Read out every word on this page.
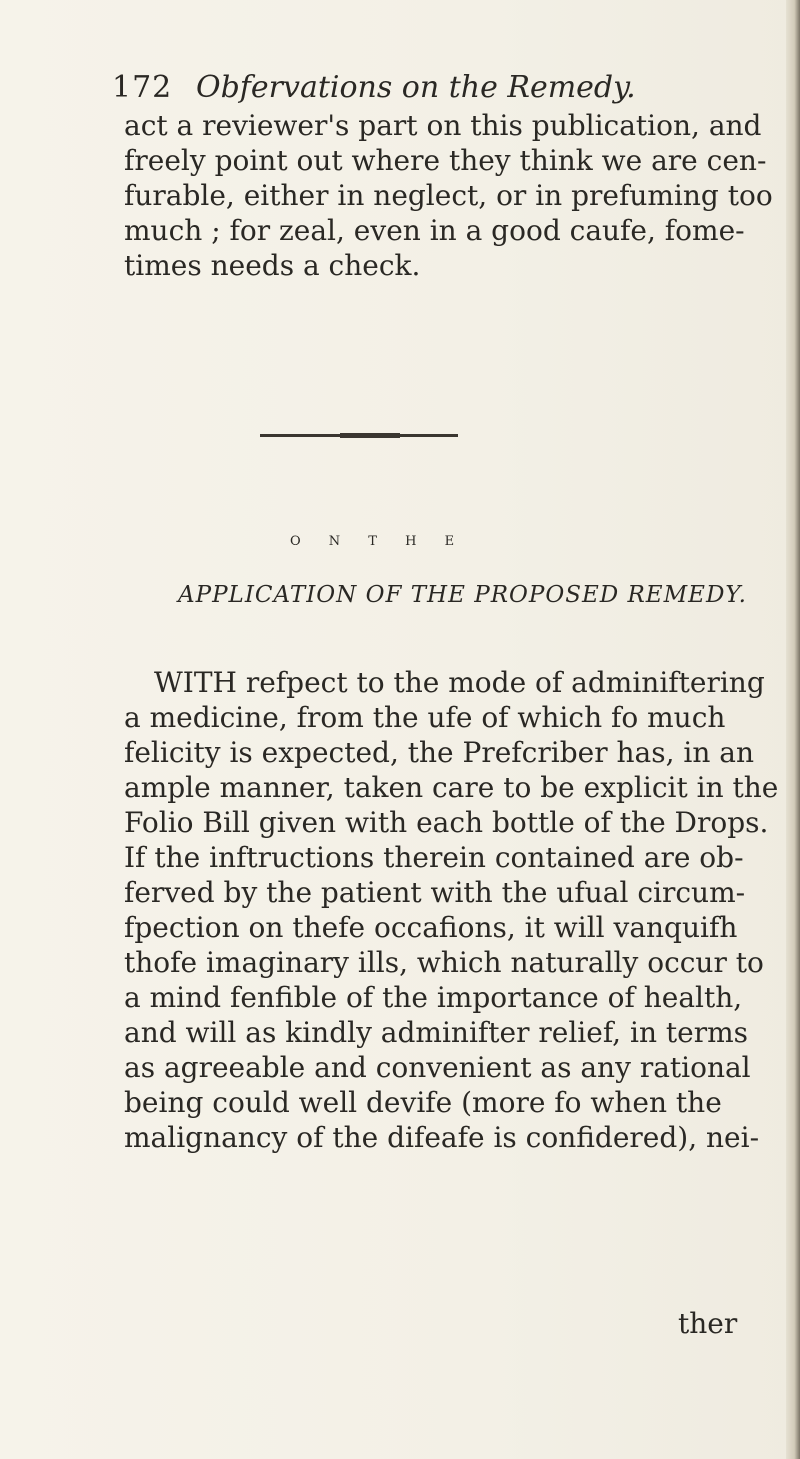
172 Obfervations on the Remedy.
act a reviewer's part on this publication, and
freely point out where they think we are cen-
furable, either in neglect, or in prefuming too
much ; for zeal, even in a good caufe, fome-
times needs a check.
O N T H E
APPLICATION OF THE PROPOSED REMEDY.
WITH refpect to the mode of adminiftering
a medicine, from the ufe of which fo much
felicity is expected, the Prefcriber has, in an
ample manner, taken care to be explicit in the
Folio Bill given with each bottle of the Drops.
If the inftructions therein contained are ob-
ferved by the patient with the ufual circum-
fpection on thefe occafions, it will vanquifh
thofe imaginary ills, which naturally occur to
a mind fenfible of the importance of health,
and will as kindly adminifter relief, in terms
as agreeable and convenient as any rational
being could well devife (more fo when the
malignancy of the difeafe is confidered), nei-
ther
